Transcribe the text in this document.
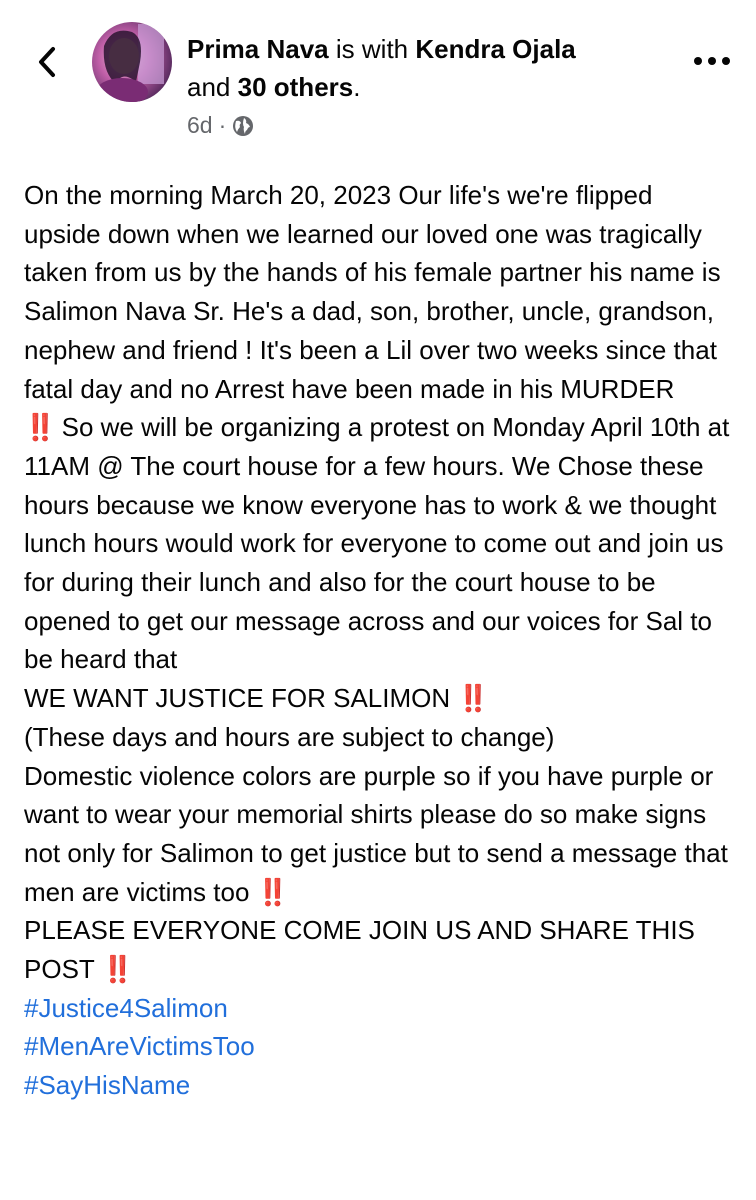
Prima Nava is with Kendra Ojala
and 30 others.
6d ·

On the morning March 20, 2023 Our life's we're flipped upside down when we learned our loved one was tragically taken from us by the hands of his female partner his name is Salimon Nava Sr. He's a dad, son, brother, uncle, grandson, nephew and friend ! It's been a Lil over two weeks since that fatal day and no Arrest have been made in his MURDER
‼️ So we will be organizing a protest on Monday April 10th at 11AM @ The court house for a few hours. We Chose these hours because we know everyone has to work & we thought lunch hours would work for everyone to come out and join us for during their lunch and also for the court house to be opened to get our message across and our voices for Sal to be heard that

WE WANT JUSTICE FOR SALIMON ‼️

(These days and hours are subject to change)

Domestic violence colors are purple so if you have purple or want to wear your memorial shirts please do so make signs not only for Salimon to get justice but to send a message that men are victims too ‼️

PLEASE EVERYONE COME JOIN US AND SHARE THIS POST ‼️

#Justice4Salimon
#MenAreVictimsToo
#SayHisName
